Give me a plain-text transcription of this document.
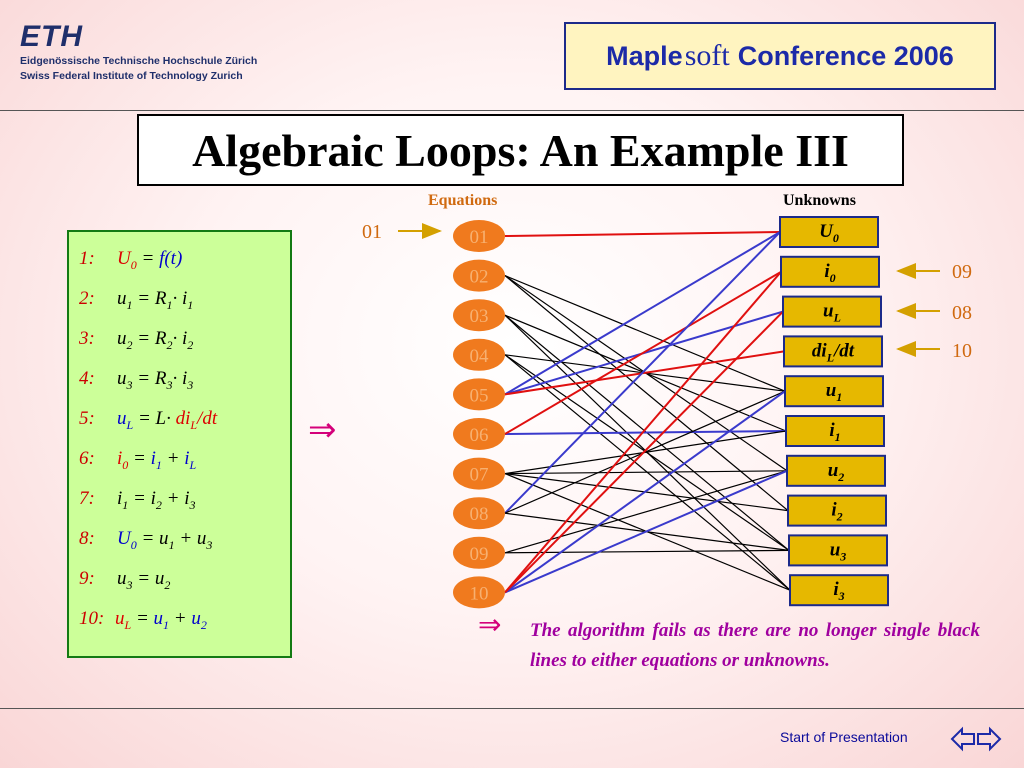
ETH
Eidgenössische Technische Hochschule Zürich
Swiss Federal Institute of Technology Zurich
Maple soft Conference 2006
Algebraic Loops: An Example III
Equations	Unknowns
1: $U_0 = f(t)$
2: $u_1 = R_1\cdot i_1$
3: $u_2 = R_2\cdot i_2$
4: $u_3 = R_3\cdot i_3$
5: $u_L = L\cdot di_L/dt$
6: $i_0 = i_1 + i_L$
7: $i_1 = i_2 + i_3$
8: $U_0 = u_1 + u_3$
9: $u_3 = u_2$
10: $u_L = u_1 + u_2$
⇒
⇒ The algorithm fails as there are no longer single black lines to either equations or unknowns.
01
09
08
10
01
02
03
04
05
06
07
08
09
10
$U_0$
$i_0$
$u_L$
$di_L/dt$
$u_1$
$i_1$
$u_2$
$i_2$
$u_3$
$i_3$
Start of Presentation
